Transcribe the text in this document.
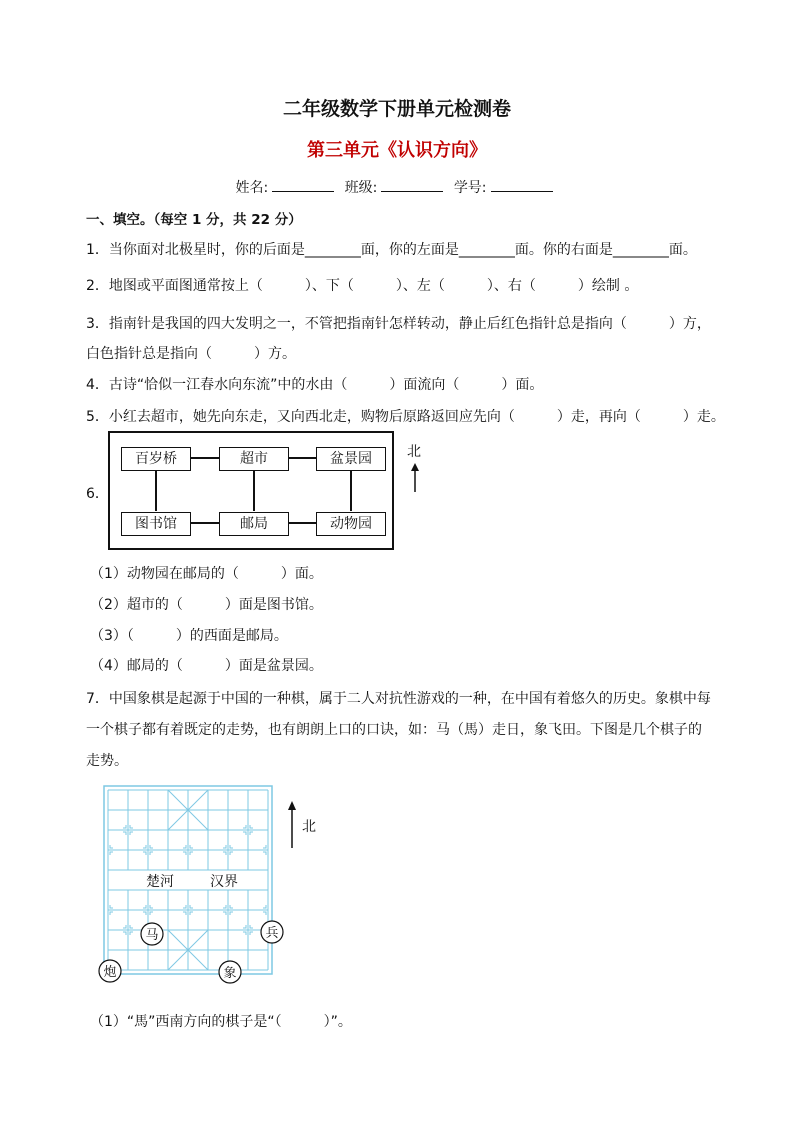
二年级数学下册单元检测卷
第三单元《认识方向》
姓名:	班级:	学号:
一、填空。（每空 1 分，共 22 分）
1．当你面对北极星时，你的后面是________面，你的左面是________面。你的右面是________面。
2．地图或平面图通常按上（　　　）、下（　　　）、左（　　　）、右（　　　）绘制 。
3．指南针是我国的四大发明之一，不管把指南针怎样转动，静止后红色指针总是指向（　　　）方，
白色指针总是指向（　　　）方。
4．古诗“恰似一江春水向东流”中的水由（　　　）面流向（　　　）面。
5．小红去超市，她先向东走，又向西北走，购物后原路返回应先向（　　　）走，再向（　　　）走。
6．
百岁桥	超市	盆景园
图书馆	邮局	动物园
北
（1）动物园在邮局的（　　　）面。
（2）超市的（　　　）面是图书馆。
（3）（　　　）的西面是邮局。
（4）邮局的（　　　）面是盆景园。
7．中国象棋是起源于中国的一种棋，属于二人对抗性游戏的一种，在中国有着悠久的历史。象棋中每
一个棋子都有着既定的走势，也有朗朗上口的口诀，如：马（馬）走日，象飞田。下图是几个棋子的
走势。
楚河	汉界
马	兵
炮	象
北
（1）“馬”西南方向的棋子是“（　　　）”。
